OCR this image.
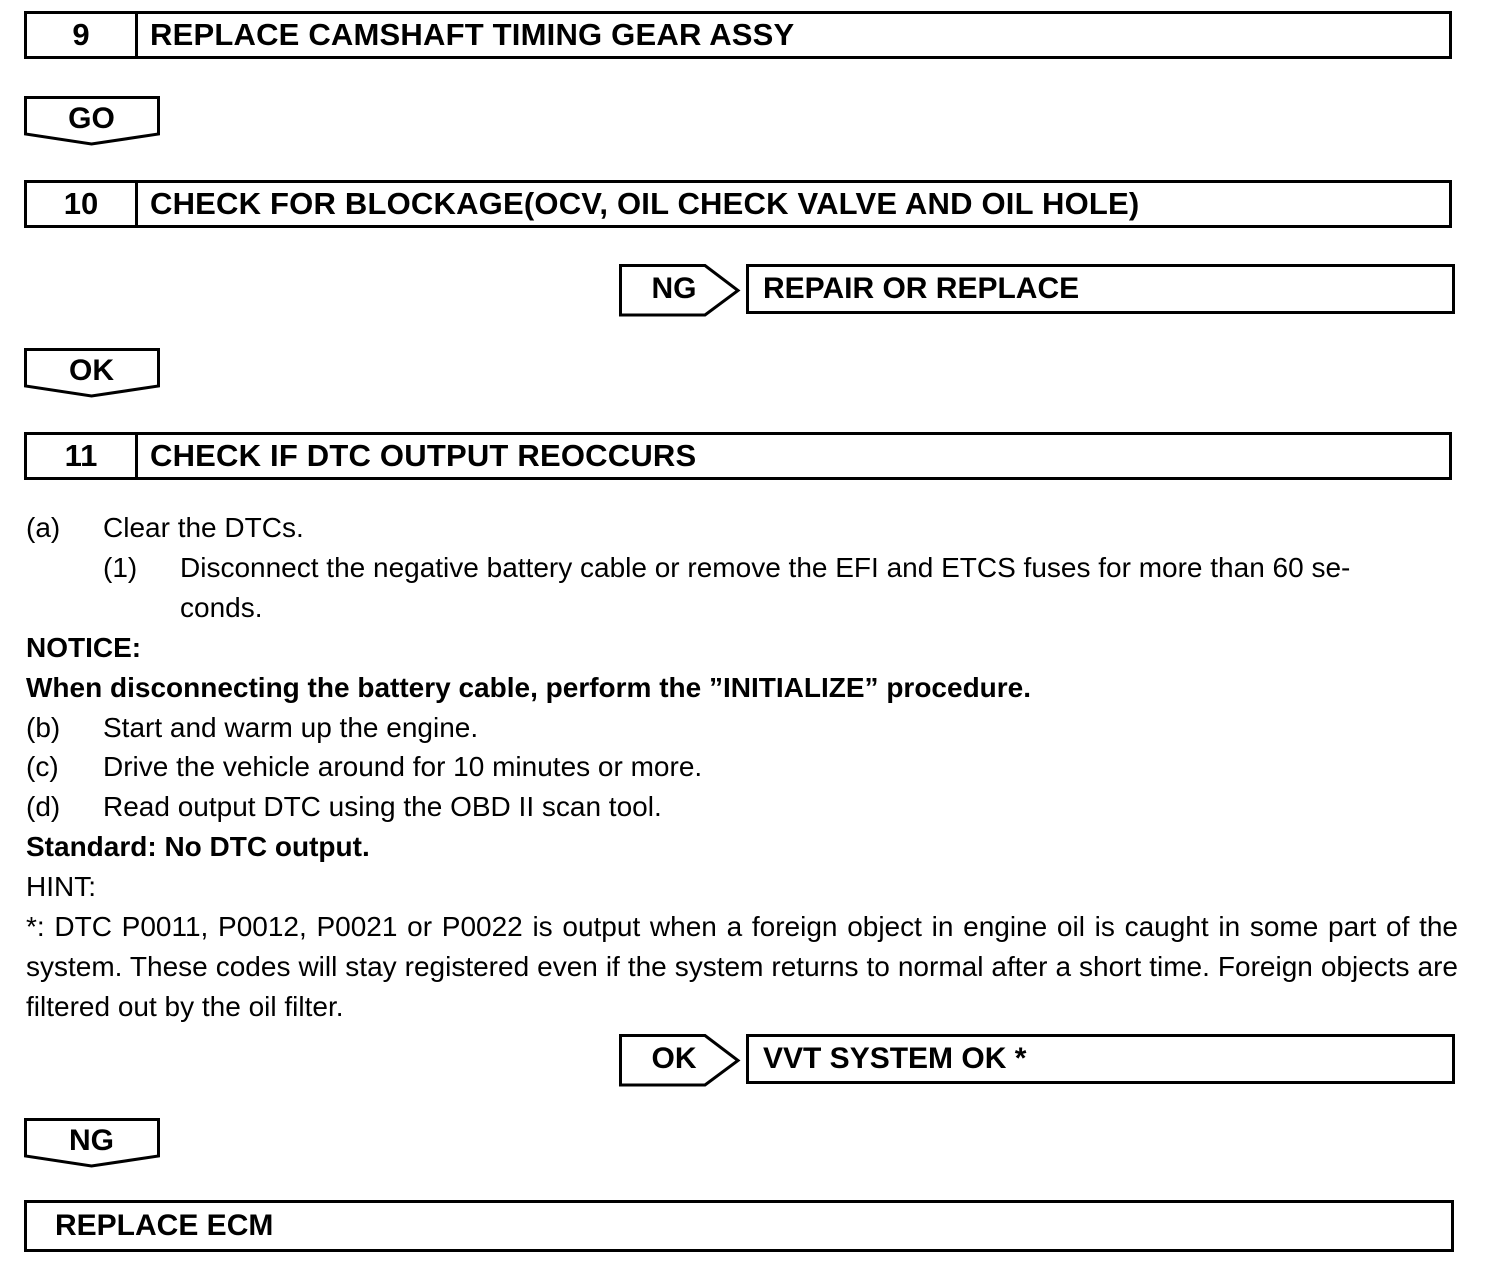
9	REPLACE CAMSHAFT TIMING GEAR ASSY
GO
10	CHECK FOR BLOCKAGE(OCV, OIL CHECK VALVE AND OIL HOLE)
NG	REPAIR OR REPLACE
OK
11	CHECK IF DTC OUTPUT REOCCURS
(a) Clear the DTCs.
(1) Disconnect the negative battery cable or remove the EFI and ETCS fuses for more than 60 se-
conds.
NOTICE:
When disconnecting the battery cable, perform the ”INITIALIZE” procedure.
(b) Start and warm up the engine.
(c) Drive the vehicle around for 10 minutes or more.
(d) Read output DTC using the OBD II scan tool.
Standard: No DTC output.
HINT:
*: DTC P0011, P0012, P0021 or P0022 is output when a foreign object in engine oil is caught in some part of the system. These codes will stay registered even if the system returns to normal after a short time. Foreign objects are filtered out by the oil filter.
OK	VVT SYSTEM OK *
NG
REPLACE ECM
